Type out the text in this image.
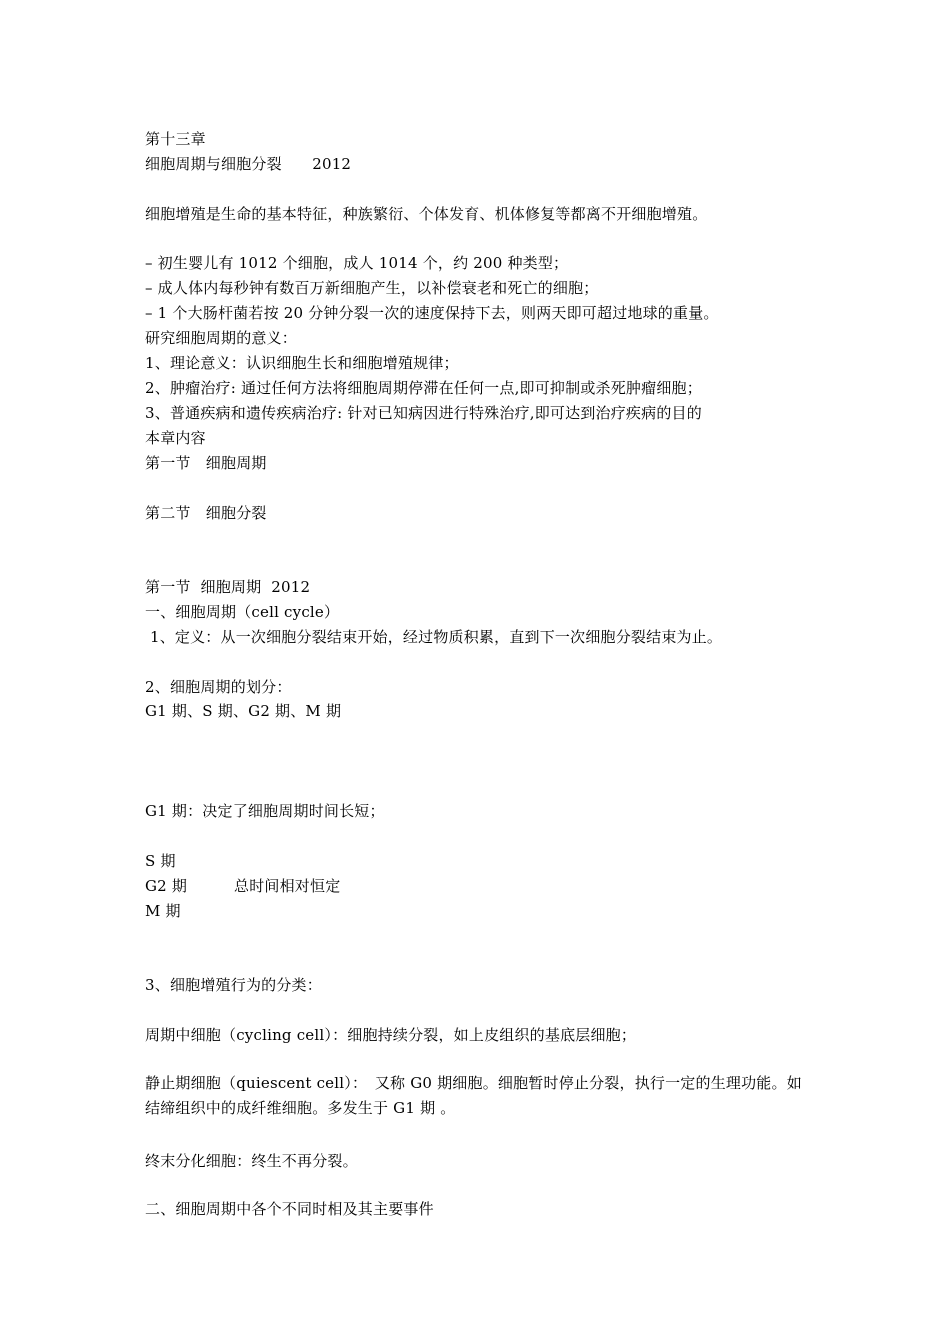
第十三章
细胞周期与细胞分裂　　2012
细胞增殖是生命的基本特征，种族繁衍、个体发育、机体修复等都离不开细胞增殖。
– 初生婴儿有 1012 个细胞，成人 1014 个，约 200 种类型；
– 成人体内每秒钟有数百万新细胞产生，以补偿衰老和死亡的细胞；
– 1 个大肠杆菌若按 20 分钟分裂一次的速度保持下去，则两天即可超过地球的重量。
研究细胞周期的意义：
1、理论意义：认识细胞生长和细胞增殖规律；
2、肿瘤治疗: 通过任何方法将细胞周期停滞在任何一点,即可抑制或杀死肿瘤细胞；
3、普通疾病和遗传疾病治疗: 针对已知病因进行特殊治疗,即可达到治疗疾病的目的
本章内容
第一节　细胞周期
第二节　细胞分裂
第一节  细胞周期  2012
一、细胞周期（cell cycle）
1、定义：从一次细胞分裂结束开始，经过物质积累，直到下一次细胞分裂结束为止。
2、细胞周期的划分：
G1 期、S 期、G2 期、M 期
G1 期：决定了细胞周期时间长短；
S 期
G2 期	总时间相对恒定
M 期
3、细胞增殖行为的分类：
周期中细胞（cycling cell）：细胞持续分裂，如上皮组织的基底层细胞；
静止期细胞（quiescent cell）：　又称 G0 期细胞。细胞暂时停止分裂，执行一定的生理功能。如结缔组织中的成纤维细胞。多发生于 G1 期 。
终末分化细胞：终生不再分裂。
二、细胞周期中各个不同时相及其主要事件
